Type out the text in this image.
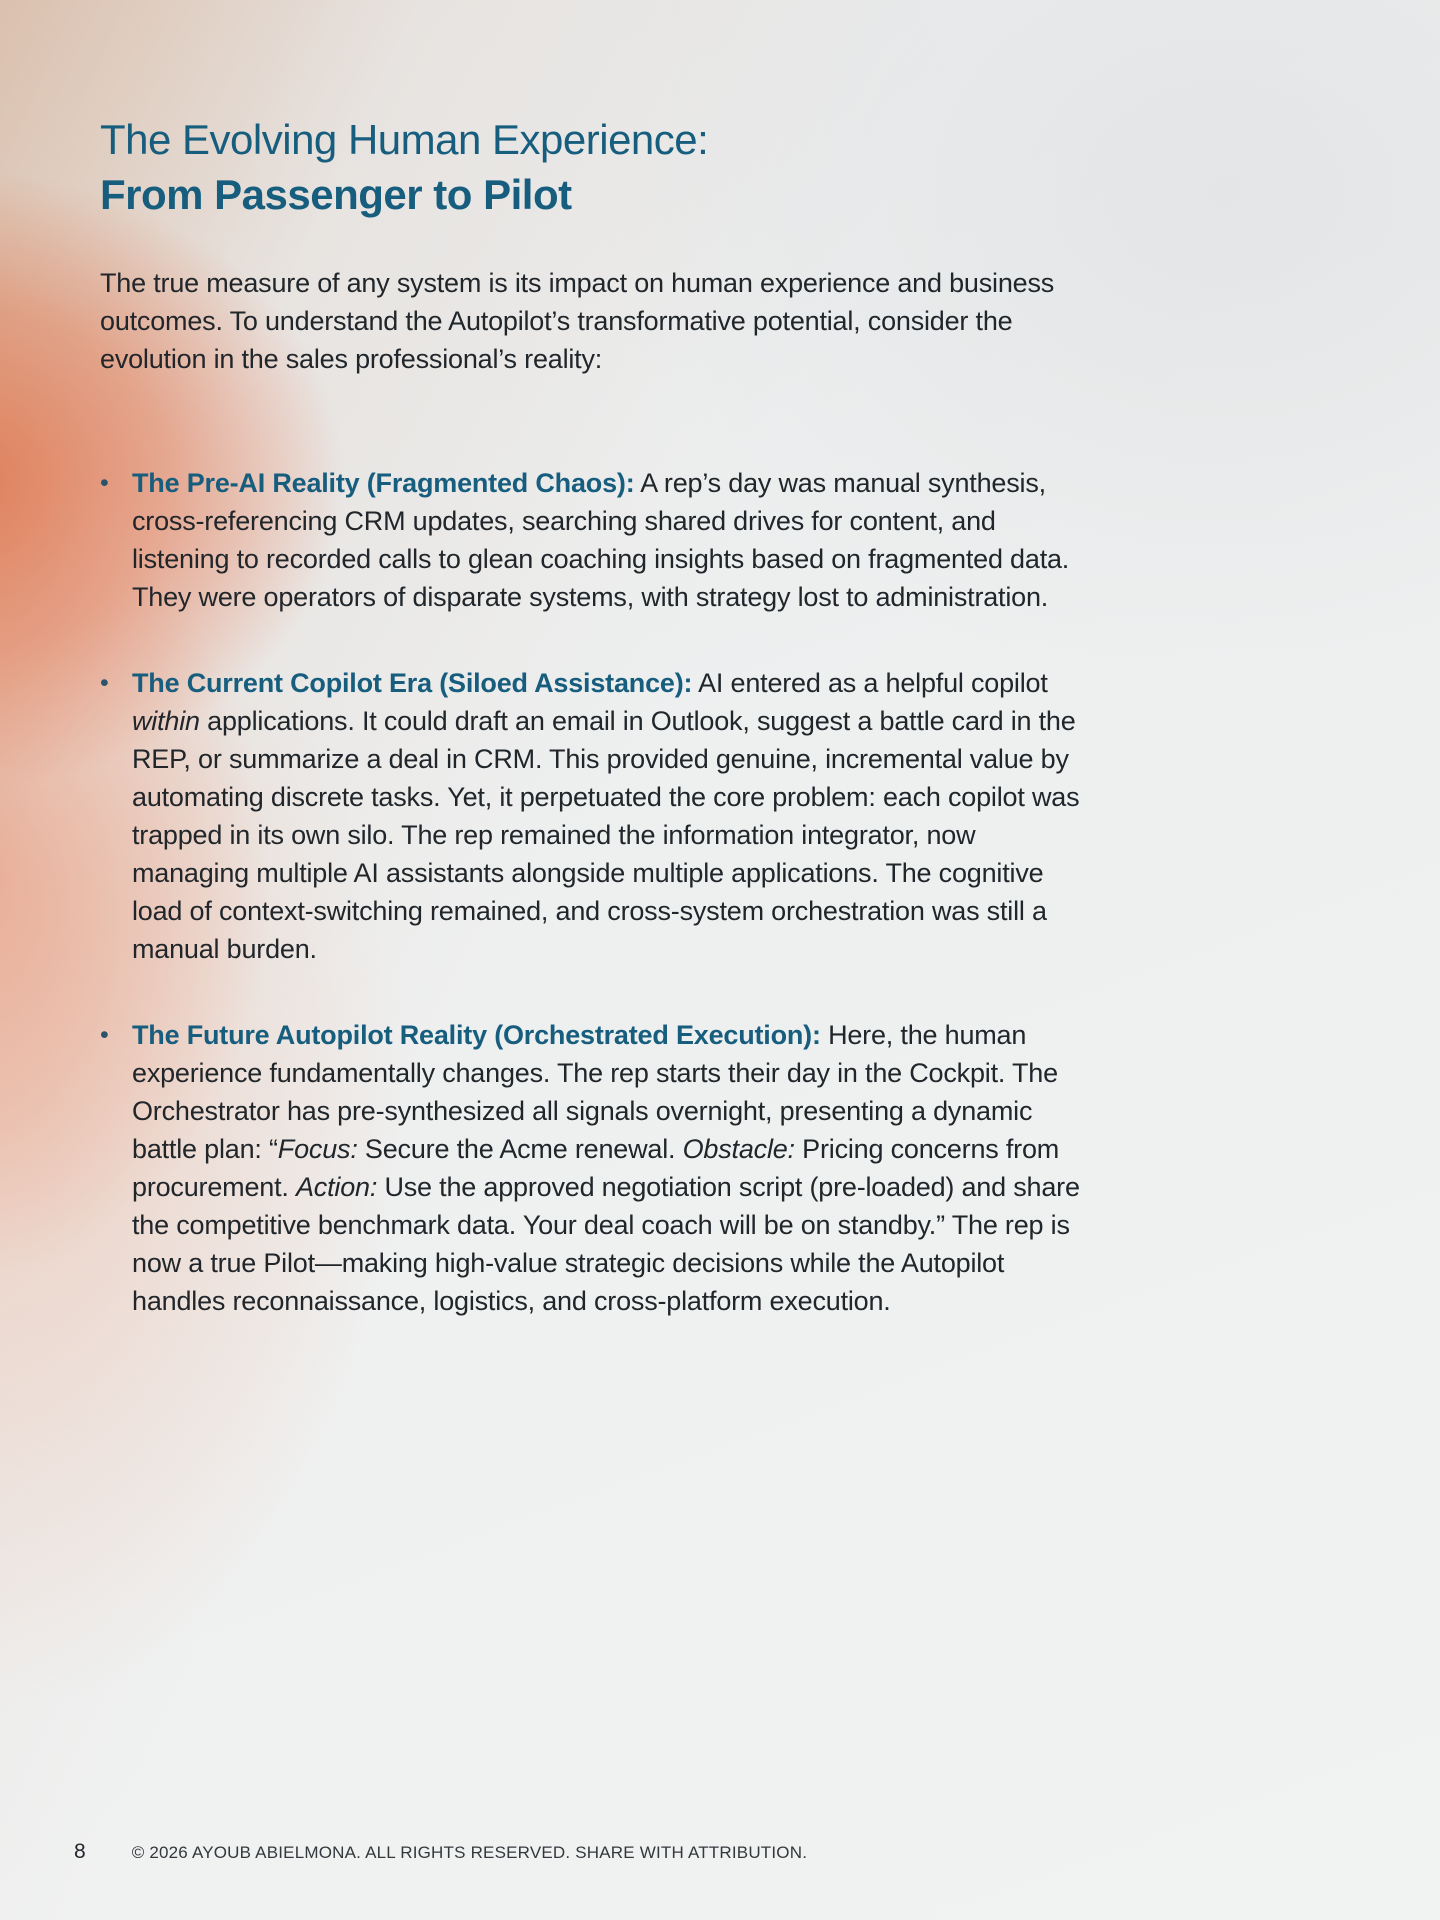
The Evolving Human Experience:
From Passenger to Pilot

The true measure of any system is its impact on human experience and business outcomes. To understand the Autopilot’s transformative potential, consider the evolution in the sales professional’s reality:

• The Pre-AI Reality (Fragmented Chaos): A rep’s day was manual synthesis, cross-referencing CRM updates, searching shared drives for content, and listening to recorded calls to glean coaching insights based on fragmented data. They were operators of disparate systems, with strategy lost to administration.
• The Current Copilot Era (Siloed Assistance): AI entered as a helpful copilot within applications. It could draft an email in Outlook, suggest a battle card in the REP, or summarize a deal in CRM. This provided genuine, incremental value by automating discrete tasks. Yet, it perpetuated the core problem: each copilot was trapped in its own silo. The rep remained the information integrator, now managing multiple AI assistants alongside multiple applications. The cognitive load of context-switching remained, and cross-system orchestration was still a manual burden.
• The Future Autopilot Reality (Orchestrated Execution): Here, the human experience fundamentally changes. The rep starts their day in the Cockpit. The Orchestrator has pre-synthesized all signals overnight, presenting a dynamic battle plan: “Focus: Secure the Acme renewal. Obstacle: Pricing concerns from procurement. Action: Use the approved negotiation script (pre-loaded) and share the competitive benchmark data. Your deal coach will be on standby.” The rep is now a true Pilot—making high-value strategic decisions while the Autopilot handles reconnaissance, logistics, and cross-platform execution.
8	© 2026 AYOUB ABIELMONA. ALL RIGHTS RESERVED. SHARE WITH ATTRIBUTION.
